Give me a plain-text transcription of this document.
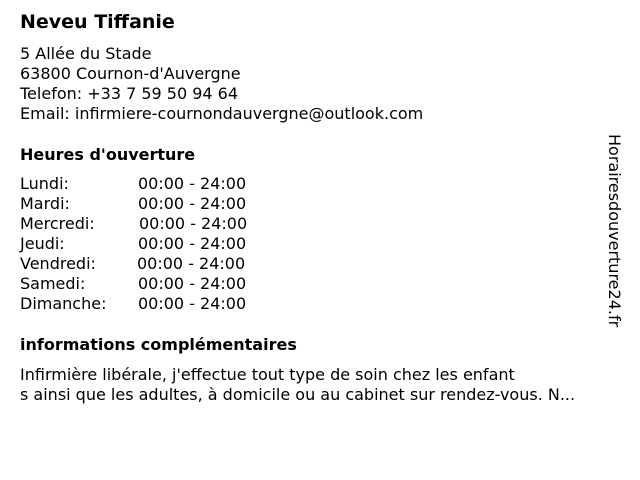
Neveu Tiffanie
5 Allée du Stade
63800 Cournon-d'Auvergne
Telefon: +33 7 59 50 94 64
Email: infirmiere-cournondauvergne@outlook.com
Heures d'ouverture
Lundi:	00:00 - 24:00
Mardi:	00:00 - 24:00
Mercredi:	00:00 - 24:00
Jeudi:	00:00 - 24:00
Vendredi:	00:00 - 24:00
Samedi:	00:00 - 24:00
Dimanche: 00:00 - 24:00
informations complémentaires
Infirmière libérale, j'effectue tout type de soin chez les enfant
s ainsi que les adultes, à domicile ou au cabinet sur rendez-vous. N...
Horairesdouverture24.fr
